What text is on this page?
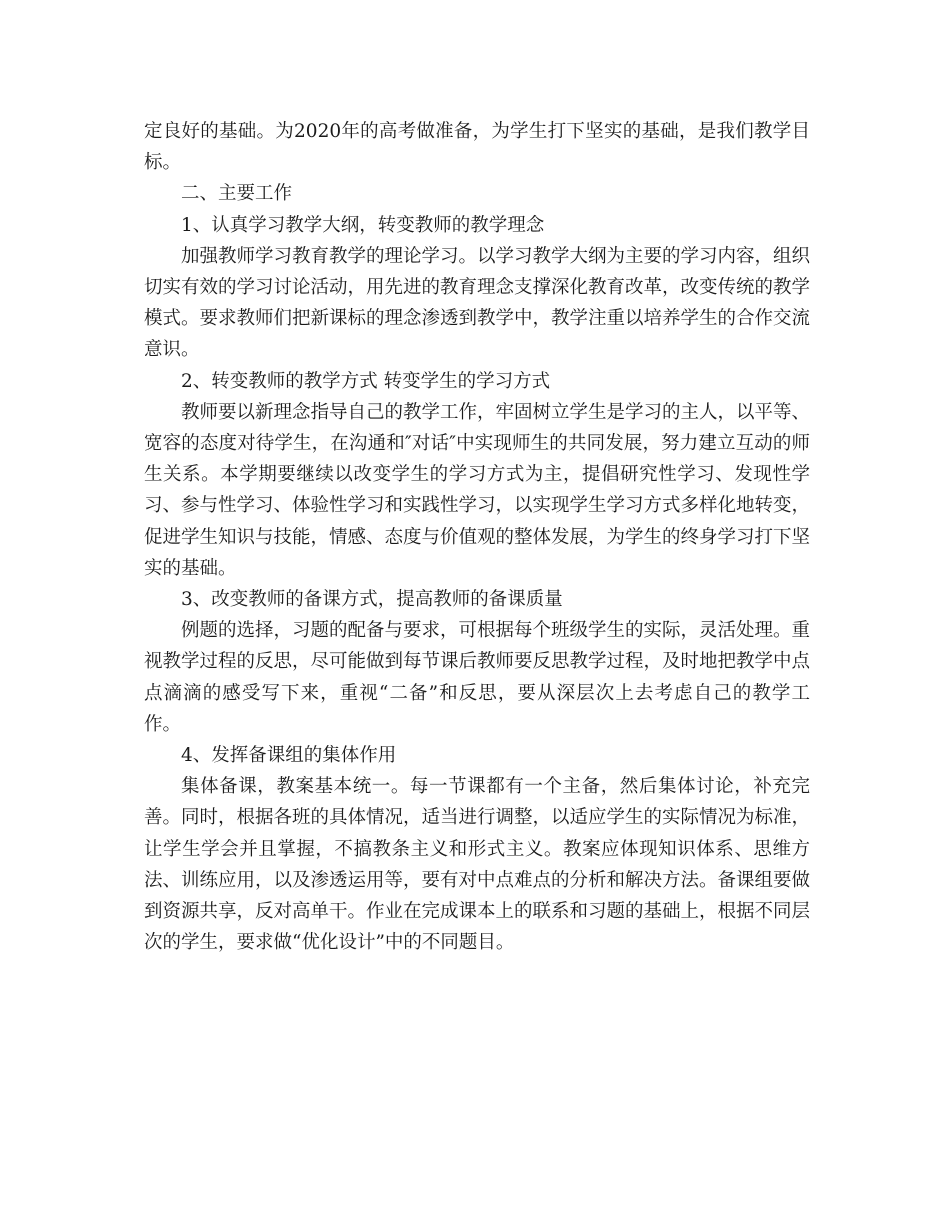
定良好的基础。为2020年的高考做准备，为学生打下坚实的基础，是我们教学目标。

二、主要工作

1、认真学习教学大纲，转变教师的教学理念

加强教师学习教育教学的理论学习。以学习教学大纲为主要的学习内容，组织切实有效的学习讨论活动，用先进的教育理念支撑深化教育改革，改变传统的教学模式。要求教师们把新课标的理念渗透到教学中，教学注重以培养学生的合作交流意识。

2、转变教师的教学方式 转变学生的学习方式

教师要以新理念指导自己的教学工作，牢固树立学生是学习的主人，以平等、宽容的态度对待学生，在沟通和″对话″中实现师生的共同发展，努力建立互动的师生关系。本学期要继续以改变学生的学习方式为主，提倡研究性学习、发现性学习、参与性学习、体验性学习和实践性学习，以实现学生学习方式多样化地转变，促进学生知识与技能，情感、态度与价值观的整体发展，为学生的终身学习打下坚实的基础。

3、改变教师的备课方式，提高教师的备课质量

例题的选择，习题的配备与要求，可根据每个班级学生的实际，灵活处理。重视教学过程的反思，尽可能做到每节课后教师要反思教学过程，及时地把教学中点点滴滴的感受写下来，重视“二备”和反思，要从深层次上去考虑自己的教学工作。

4、发挥备课组的集体作用

集体备课，教案基本统一。每一节课都有一个主备，然后集体讨论，补充完善。同时，根据各班的具体情况，适当进行调整，以适应学生的实际情况为标准，让学生学会并且掌握，不搞教条主义和形式主义。教案应体现知识体系、思维方法、训练应用，以及渗透运用等，要有对中点难点的分析和解决方法。备课组要做到资源共享，反对高单干。作业在完成课本上的联系和习题的基础上，根据不同层次的学生，要求做“优化设计”中的不同题目。
